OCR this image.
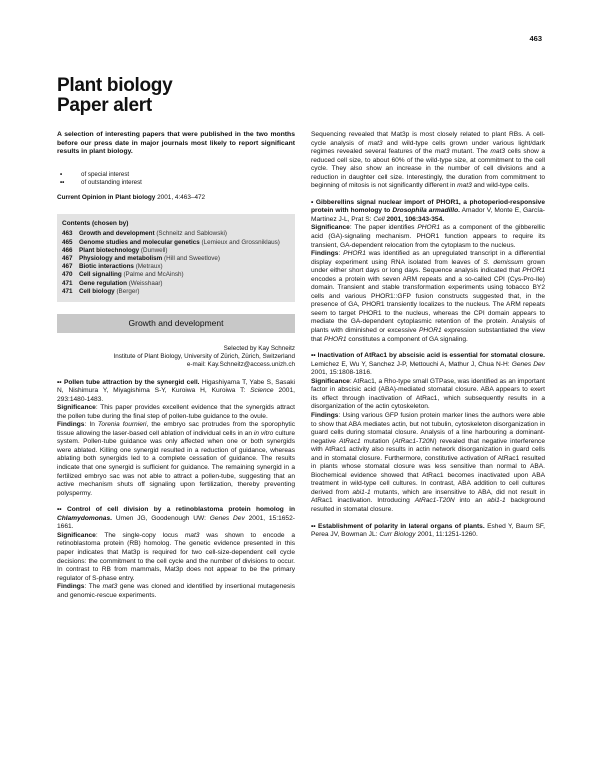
463
Plant biology
Paper alert
A selection of interesting papers that were published in the two months before our press date in major journals most likely to report significant results in plant biology.
•	of special interest
••	of outstanding interest
Current Opinion in Plant biology 2001, 4:463–472
Contents (chosen by)
463	Growth and development (Schneitz and Sablowski)
465	Genome studies and molecular genetics (Lemieux and Grossniklaus)
466	Plant biotechnology (Dunwell)
467	Physiology and metabolism (Hill and Sweetlove)
467	Biotic interactions (Metraux)
470	Cell signalling (Palme and McAinsh)
471	Gene regulation (Weisshaar)
471	Cell biology (Berger)
Growth and development
Selected by Kay Schneitz
Institute of Plant Biology, University of Zürich, Zürich, Switzerland
e-mail: Kay.Schneitz@access.unizh.ch
•• Pollen tube attraction by the synergid cell. Higashiyama T, Yabe S, Sasaki N, Nishimura Y, Miyagishima S-Y, Kuroiwa H, Kuroiwa T: Science 2001, 293:1480-1483.
Significance: This paper provides excellent evidence that the synergids attract the pollen tube during the final step of pollen-tube guidance to the ovule.
Findings: In Torenia fournieri, the embryo sac protrudes from the sporophytic tissue allowing the laser-based cell ablation of individual cells in an in vitro culture system. Pollen-tube guidance was only affected when one or both synergids were ablated. Killing one synergid resulted in a reduction of guidance, whereas ablating both synergids led to a complete cessation of guidance. The results indicate that one synergid is sufficient for guidance. The remaining synergid in a fertilized embryo sac was not able to attract a pollen-tube, suggesting that an active mechanism shuts off signaling upon fertilization, thereby preventing polyspermy.
•• Control of cell division by a retinoblastoma protein homolog in Chlamydomonas. Umen JG, Goodenough UW: Genes Dev 2001, 15:1652-1661.
Significance: The single-copy locus mat3 was shown to encode a retinoblastoma protein (RB) homolog. The genetic evidence presented in this paper indicates that Mat3p is required for two cell-size-dependent cell cycle decisions: the commitment to the cell cycle and the number of divisions to occur. In contrast to RB from mammals, Mat3p does not appear to be the primary regulator of S-phase entry.
Findings: The mat3 gene was cloned and identified by insertional mutagenesis and genomic-rescue experiments.
Sequencing revealed that Mat3p is most closely related to plant RBs. A cell-cycle analysis of mat3 and wild-type cells grown under various light/dark regimes revealed several features of the mat3 mutant. The mat3 cells show a reduced cell size, to about 60% of the wild-type size, at commitment to the cell cycle. They also show an increase in the number of cell divisions and a reduction in daughter cell size. Interestingly, the duration from commitment to beginning of mitosis is not significantly different in mat3 and wild-type cells.
• Gibberellins signal nuclear import of PHOR1, a photoperiod-responsive protein with homology to Drosophila armadillo. Amador V, Monte E, García-Martínez J-L, Prat S: Cell 2001, 106:343-354.
Significance: The paper identifies PHOR1 as a component of the gibberellic acid (GA)-signaling mechanism. PHOR1 function appears to require its transient, GA-dependent relocation from the cytoplasm to the nucleus.
Findings: PHOR1 was identified as an upregulated transcript in a differential display experiment using RNA isolated from leaves of S. demissum grown under either short days or long days. Sequence analysis indicated that PHOR1 encodes a protein with seven ARM repeats and a so-called CPI (Cys-Pro-Ile) domain. Transient and stable transformation experiments using tobacco BY2 cells and various PHOR1::GFP fusion constructs suggested that, in the presence of GA, PHOR1 transiently localizes to the nucleus. The ARM repeats seem to target PHOR1 to the nucleus, whereas the CPI domain appears to mediate the GA-dependent cytoplasmic retention of the protein. Analysis of plants with diminished or excessive PHOR1 expression substantiated the view that PHOR1 constitutes a component of GA signaling.
•• Inactivation of AtRac1 by abscisic acid is essential for stomatal closure. Lemichez E, Wu Y, Sanchez J-P, Mettouchi A, Mathur J, Chua N-H: Genes Dev 2001, 15:1808-1816.
Significance: AtRac1, a Rho-type small GTPase, was identified as an important factor in abscisic acid (ABA)-mediated stomatal closure. ABA appears to exert its effect through inactivation of AtRac1, which subsequently results in a disorganization of the actin cytoskeleton.
Findings: Using various GFP fusion protein marker lines the authors were able to show that ABA mediates actin, but not tubulin, cytoskeleton disorganization in guard cells during stomatal closure. Analysis of a line harbouring a dominant-negative AtRac1 mutation (AtRac1-T20N) revealed that negative interference with AtRac1 activity also results in actin network disorganization in guard cells and in stomatal closure. Furthermore, constitutive activation of AtRac1 resulted in plants whose stomatal closure was less sensitive than normal to ABA. Biochemical evidence showed that AtRac1 becomes inactivated upon ABA treatment in wild-type cell cultures. In contrast, ABA addition to cell cultures derived from abi1-1 mutants, which are insensitive to ABA, did not result in AtRac1 inactivation. Introducing AtRac1-T20N into an abi1-1 background resulted in stomatal closure.
•• Establishment of polarity in lateral organs of plants. Eshed Y, Baum SF, Perea JV, Bowman JL: Curr Biology 2001, 11:1251-1260.
